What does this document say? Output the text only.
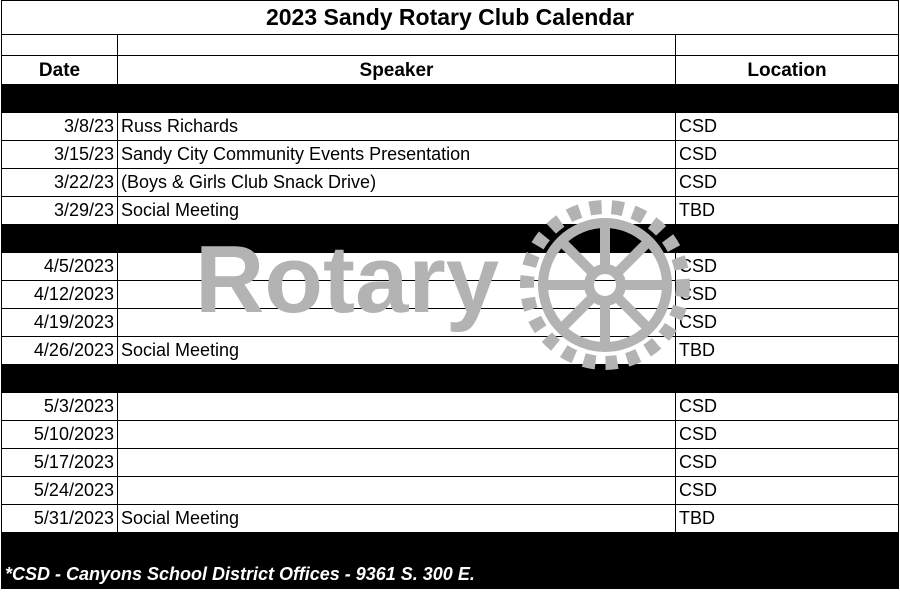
2023 Sandy Rotary Club Calendar		

Date	Speaker	Location

3/8/23	Russ Richards	CSD
3/15/23	Sandy City Community Events Presentation	CSD
3/22/23	(Boys & Girls Club Snack Drive)	CSD
3/29/23	Social Meeting	TBD

4/5/2023		CSD
4/12/2023		CSD
4/19/2023		CSD
4/26/2023	Social Meeting	TBD

5/3/2023		CSD
5/10/2023		CSD
5/17/2023		CSD
5/24/2023		CSD
5/31/2023	Social Meeting	TBD

*CSD - Canyons School District Offices - 9361 S. 300 E.		
Rotary
